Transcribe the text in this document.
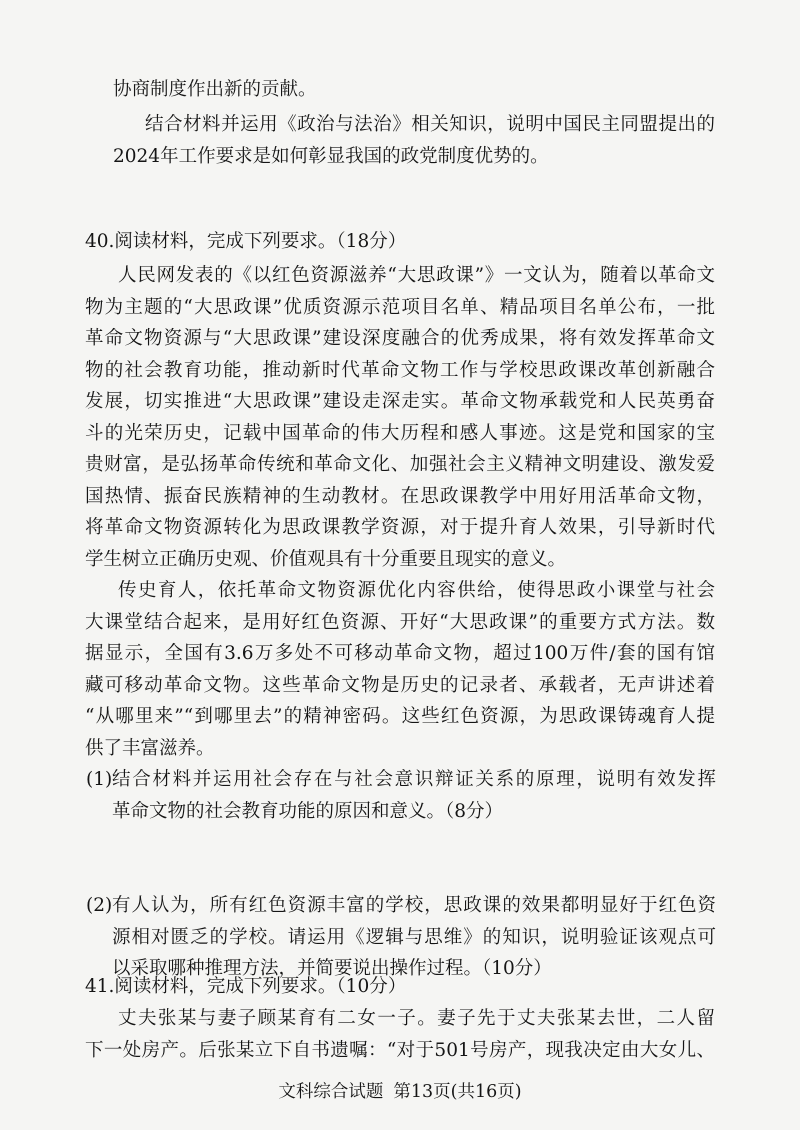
协商制度作出新的贡献。
结合材料并运用《政治与法治》相关知识，说明中国民主同盟提出的
2024年工作要求是如何彰显我国的政党制度优势的。
40.阅读材料，完成下列要求。（18分）
人民网发表的《以红色资源滋养“大思政课”》一文认为，随着以革命文
物为主题的“大思政课”优质资源示范项目名单、精品项目名单公布，一批
革命文物资源与“大思政课”建设深度融合的优秀成果，将有效发挥革命文
物的社会教育功能，推动新时代革命文物工作与学校思政课改革创新融合
发展，切实推进“大思政课”建设走深走实。革命文物承载党和人民英勇奋
斗的光荣历史，记载中国革命的伟大历程和感人事迹。这是党和国家的宝
贵财富，是弘扬革命传统和革命文化、加强社会主义精神文明建设、激发爱
国热情、振奋民族精神的生动教材。在思政课教学中用好用活革命文物，
将革命文物资源转化为思政课教学资源，对于提升育人效果，引导新时代
学生树立正确历史观、价值观具有十分重要且现实的意义。
传史育人，依托革命文物资源优化内容供给，使得思政小课堂与社会
大课堂结合起来，是用好红色资源、开好“大思政课”的重要方式方法。数
据显示，全国有3.6万多处不可移动革命文物，超过100万件/套的国有馆
藏可移动革命文物。这些革命文物是历史的记录者、承载者，无声讲述着
“从哪里来”“到哪里去”的精神密码。这些红色资源，为思政课铸魂育人提
供了丰富滋养。
(1) 结合材料并运用社会存在与社会意识辩证关系的原理，说明有效发挥
革命文物的社会教育功能的原因和意义。（8分）
(2) 有人认为，所有红色资源丰富的学校，思政课的效果都明显好于红色资
源相对匮乏的学校。请运用《逻辑与思维》的知识，说明验证该观点可
以采取哪种推理方法，并简要说出操作过程。（10分）
41.阅读材料，完成下列要求。（10分）
丈夫张某与妻子顾某育有二女一子。妻子先于丈夫张某去世，二人留
下一处房产。后张某立下自书遗嘱：“对于501号房产，现我决定由大女儿、
文科综合试题 第13页(共16页)
